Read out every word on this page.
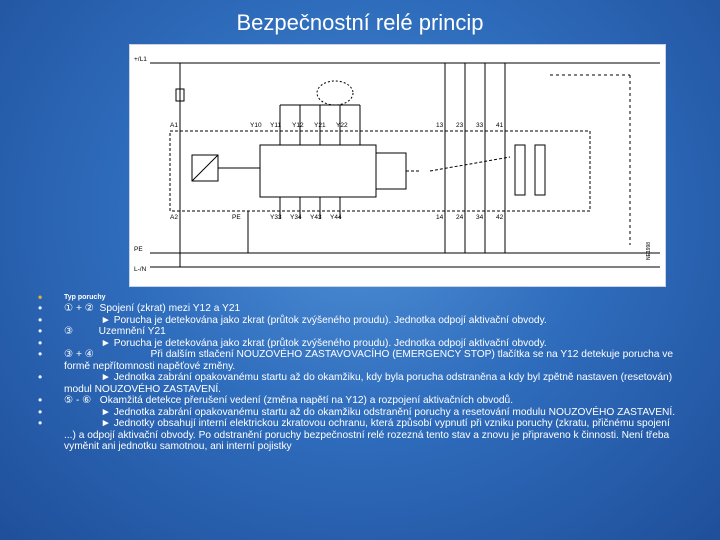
Bezpečnostní relé princip
+/L1
PE
L-/N
A1
A2
Y10 Y11 Y12 Y21 Y22	13 23 33 41
PE	Y33 Y34 Y43 Y44	14 24 34 42
NE1998
• Typ poruchy
• ① + ②  Spojení (zkrat) mezi Y12 a Y21
•              ► Porucha je detekována jako zkrat (průtok zvýšeného proudu). Jednotka odpojí aktivační obvody.
• ③         Uzemnění Y21
•              ► Porucha je detekována jako zkrat (průtok zvýšeného proudu). Jednotka odpojí aktivační obvody.
• ③ + ④                    Při dalším stlačení NOUZOVÉHO ZASTAVOVACÍHO (EMERGENCY STOP) tlačítka se na Y12 detekuje porucha ve formě nepřítomnosti napěťové změny.
•              ► Jednotka zabrání opakovanému startu až do okamžiku, kdy byla porucha odstraněna a kdy byl zpětně nastaven (resetován) modul NOUZOVÉHO ZASTAVENÍ.
• ⑤ - ⑥   Okamžitá detekce přerušení vedení (změna napětí na Y12) a rozpojení aktivačních obvodů.
•              ► Jednotka zabrání opakovanému startu až do okamžiku odstranění poruchy a resetování modulu NOUZOVÉHO ZASTAVENÍ.
•              ► Jednotky obsahují interní elektrickou zkratovou ochranu, která způsobí vypnutí při vzniku poruchy (zkratu, přičnému spojení ...) a odpojí aktivační obvody. Po odstranění poruchy bezpečnostní relé rozezná tento stav a znovu je připraveno k činnosti. Není třeba vyměnit ani jednotku samotnou, ani interní pojistky
